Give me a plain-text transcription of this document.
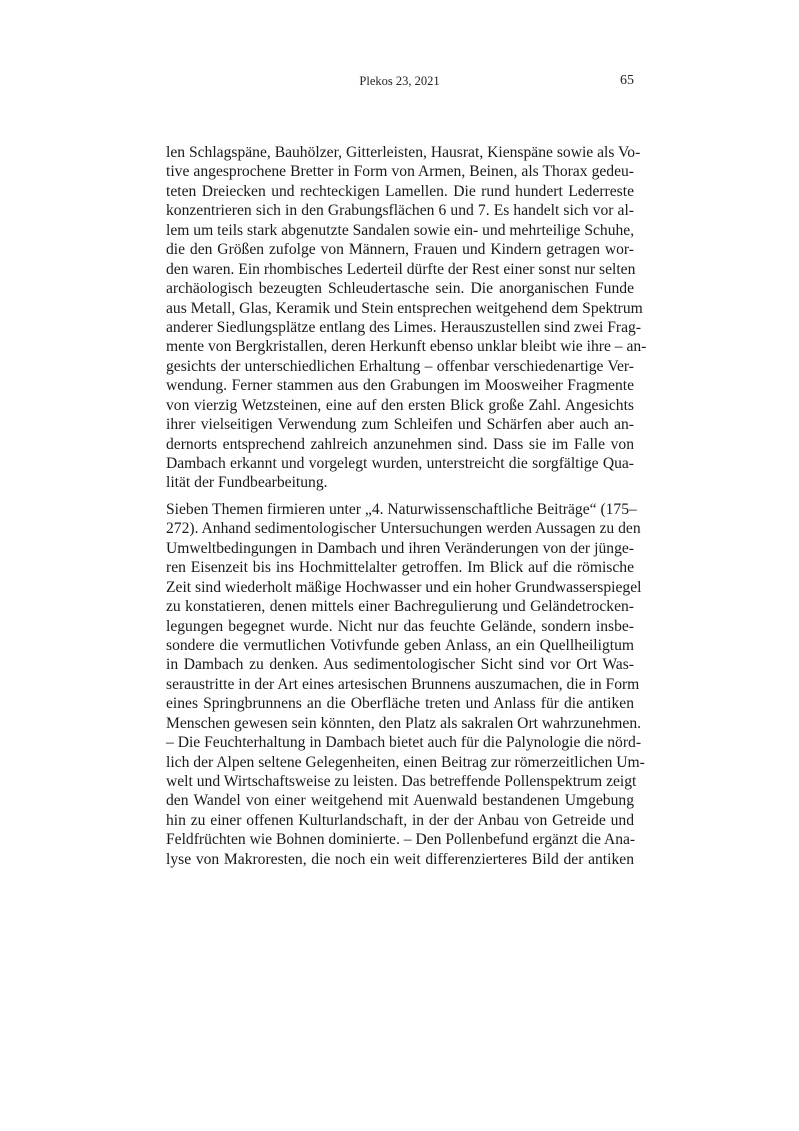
Plekos 23, 2021	65

len Schlagspäne, Bauhölzer, Gitterleisten, Hausrat, Kienspäne sowie als Vo-
tive angesprochene Bretter in Form von Armen, Beinen, als Thorax gedeu-
teten Dreiecken und rechteckigen Lamellen. Die rund hundert Lederreste
konzentrieren sich in den Grabungsflächen 6 und 7. Es handelt sich vor al-
lem um teils stark abgenutzte Sandalen sowie ein- und mehrteilige Schuhe,
die den Größen zufolge von Männern, Frauen und Kindern getragen wor-
den waren. Ein rhombisches Lederteil dürfte der Rest einer sonst nur selten
archäologisch bezeugten Schleudertasche sein. Die anorganischen Funde
aus Metall, Glas, Keramik und Stein entsprechen weitgehend dem Spektrum
anderer Siedlungsplätze entlang des Limes. Herauszustellen sind zwei Frag-
mente von Bergkristallen, deren Herkunft ebenso unklar bleibt wie ihre – an-
gesichts der unterschiedlichen Erhaltung – offenbar verschiedenartige Ver-
wendung. Ferner stammen aus den Grabungen im Moosweiher Fragmente
von vierzig Wetzsteinen, eine auf den ersten Blick große Zahl. Angesichts
ihrer vielseitigen Verwendung zum Schleifen und Schärfen aber auch an-
dernorts entsprechend zahlreich anzunehmen sind. Dass sie im Falle von
Dambach erkannt und vorgelegt wurden, unterstreicht die sorgfältige Qua-
lität der Fundbearbeitung.

Sieben Themen firmieren unter „4. Naturwissenschaftliche Beiträge“ (175–
272). Anhand sedimentologischer Untersuchungen werden Aussagen zu den
Umweltbedingungen in Dambach und ihren Veränderungen von der jünge-
ren Eisenzeit bis ins Hochmittelalter getroffen. Im Blick auf die römische
Zeit sind wiederholt mäßige Hochwasser und ein hoher Grundwasserspiegel
zu konstatieren, denen mittels einer Bachregulierung und Geländetrocken-
legungen begegnet wurde. Nicht nur das feuchte Gelände, sondern insbe-
sondere die vermutlichen Votivfunde geben Anlass, an ein Quellheiligtum
in Dambach zu denken. Aus sedimentologischer Sicht sind vor Ort Was-
seraustritte in der Art eines artesischen Brunnens auszumachen, die in Form
eines Springbrunnens an die Oberfläche treten und Anlass für die antiken
Menschen gewesen sein könnten, den Platz als sakralen Ort wahrzunehmen.
– Die Feuchterhaltung in Dambach bietet auch für die Palynologie die nörd-
lich der Alpen seltene Gelegenheiten, einen Beitrag zur römerzeitlichen Um-
welt und Wirtschaftsweise zu leisten. Das betreffende Pollenspektrum zeigt
den Wandel von einer weitgehend mit Auenwald bestandenen Umgebung
hin zu einer offenen Kulturlandschaft, in der der Anbau von Getreide und
Feldfrüchten wie Bohnen dominierte. – Den Pollenbefund ergänzt die Ana-
lyse von Makroresten, die noch ein weit differenzierteres Bild der antiken
